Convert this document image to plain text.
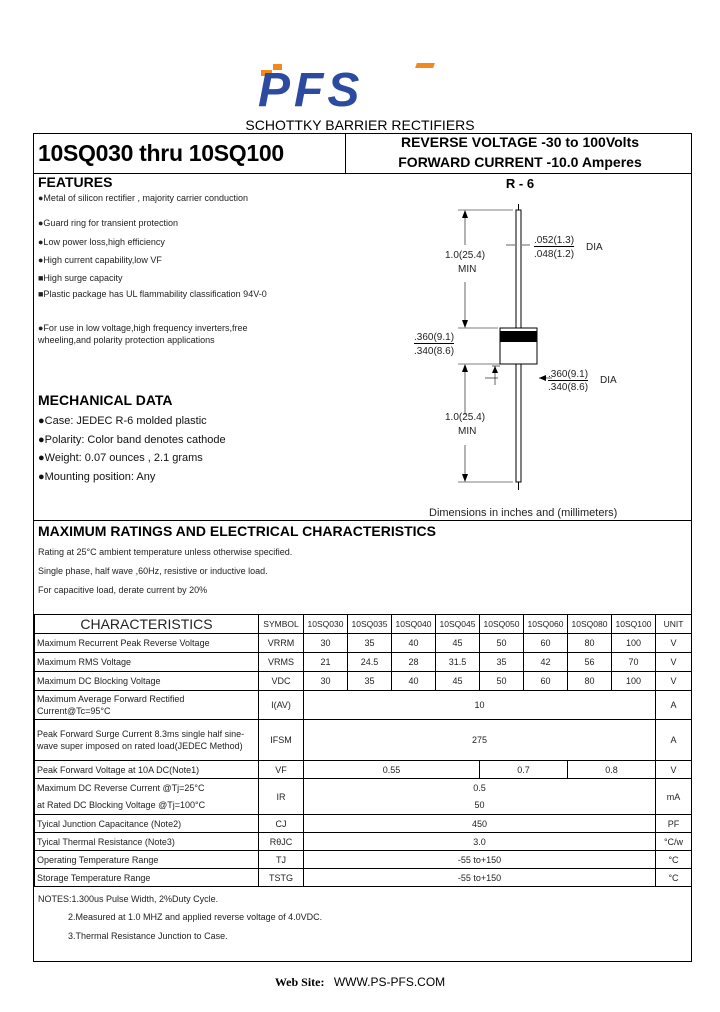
PFS
SCHOTTKY BARRIER RECTIFIERS
10SQ030 thru 10SQ100	REVERSE VOLTAGE -30 to 100Volts
FORWARD CURRENT -10.0 Amperes
R - 6
FEATURES
●Metal of silicon rectifier , majority carrier conduction
●Guard ring for transient protection
●Low power loss,high efficiency
●High current capability,low VF
■High surge capacity
■Plastic package has UL flammability classification 94V-0
●For use in low voltage,high frequency inverters,free wheeling,and polarity protection applications
MECHANICAL DATA
●Case: JEDEC R-6 molded plastic
●Polarity: Color band denotes cathode
●Weight: 0.07 ounces , 2.1 grams
●Mounting position: Any
.052(1.3)
.048(1.2)
DIA
1.0(25.4)
MIN
.360(9.1)
.340(8.6)
.360(9.1)
.340(8.6)
DIA
1.0(25.4)
MIN
Dimensions in inches and (millimeters)
MAXIMUM RATINGS AND ELECTRICAL CHARACTERISTICS
Rating at 25°C ambient temperature unless otherwise specified.
Single phase, half wave ,60Hz, resistive or inductive load.
For capacitive load, derate current by 20%
CHARACTERISTICS	SYMBOL	10SQ030	10SQ035	10SQ040	10SQ045	10SQ050	10SQ060	10SQ080	10SQ100	UNIT
Maximum Recurrent Peak Reverse Voltage	VRRM	30	35	40	45	50	60	80	100	V
Maximum RMS Voltage	VRMS	21	24.5	28	31.5	35	42	56	70	V
Maximum DC Blocking Voltage	VDC	30	35	40	45	50	60	80	100	V
Maximum Average Forward Rectified Current@Tc=95°C	I(AV)	10								A
Peak Forward Surge Current 8.3ms single half sine-wave super imposed on rated load(JEDEC Method)	IFSM	275								A
Peak Forward Voltage at 10A DC(Note1)	VF	0.55				0.7		0.8		V
Maximum DC Reverse Current @Tj=25°C	IR	0.5								mA
at Rated DC Blocking Voltage @Tj=100°C		50								
Tyical Junction Capacitance (Note2)	CJ	450								PF
Tyical Thermal Resistance (Note3)	RθJC	3.0								°C/w
Operating Temperature Range	TJ	-55 to+150								°C
Storage Temperature Range	TSTG	-55 to+150								°C
NOTES:1.300us Pulse Width, 2%Duty Cycle.
2.Measured at 1.0 MHZ and applied reverse voltage of 4.0VDC.
3.Thermal Resistance Junction to Case.
Web Site: WWW.PS-PFS.COM
